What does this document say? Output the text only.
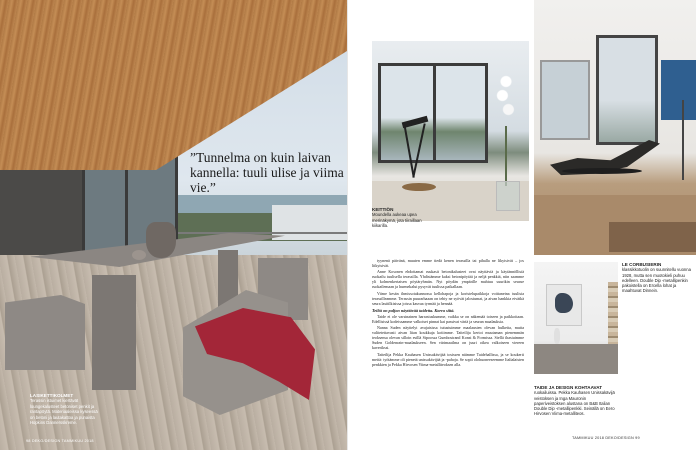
”Tunnelma on kuin laivan kannella: tuuli ulise ja viima vie.”
LASIKETTIKOLMET
Terassin istuimet kiertävät loungekalusteet betoniset penkit ja rantapöytä. Materiaaleissa kyseessä on betoni ja lautakattoa ja punaista Hopkins Dannersskreme.
98 DEKO/DESIGN TAMMIKUU 2018
KEITTIÖN
Moundella aukeaa upea merinäkymä, jota tiiraillaan kiikarilla.

tyynenä päivänä, muuten emme tiedä kenen terassilla tai pihalla ne likyisivät – jos liikyisivät.

Anne Kosonen ehdottamat ruukasit betonikalusteet ovat näyttäviä ja käytännöllisiä ruokailu tuulisella terassilla. Yhdistämme kaksi betonipöytää ja neljä penkkiä, niin saamme yli kolmenkertaisen pöytäryhmän. Nyt pöydän ympärille mahtuu suurikin seurue ruokailemaan ja hurmekalut pysyvät tuulissa paikallaan.

Viime kesän ihmissotakunnossa kellohapoja ja koristelupaikkoja voittaneina tuulisia terassilleamme. Terassin puurarhaaan on tehty ne syövät jalostumat, ja aivan hankkia eivätkä seura lasitilkisissa joissa kasvaa tyrmää ja hennää.

Teiltä on paljon näyttävää taidetta. Korra siitä.

Taide ei ole varsinainen harrastuskumme, vaikka se on näkemää toiseen ja paikkoitaan. Edellisissä kodeissamme valkoiset pinnat kai passivat väriä ja seuran maalauksia.

Nanna Suden näyttelyt avajaisissa tutustuimme maalausten olevan hulkeita, mutta valitetettavasti aivan liian koukkuja kotiimme. Taiteilija kertoi muutaman pienemmän teoksensa olevan silloin esillä Sipoossa Gumbostrand Konst & Formissa. Siellä ihastuimme Suden Goldenrain-maalaukseen. Sen värimaailma on juuri oikea valkoiseen viereen kaverikssi.

Taiteilija Pekka Kauhasen Unissakävijää tosissen näimme Taidehallissa, ja se koukerti meitä: työtämme oli pienetä unissakävijää ja -pahoja. Se sopii olohuoneeseemme Italialaisten penkkien ja Pekka Hirvosen Viima-metalliteoksen alla.

LE CORBUSIERIN
klassikkotuolin on suunnitellu vuonna 1928, mutta sen muotokieli puhuu edelleen. Double Dip -metallipenkin pakoistella on Ercella lohat ja maahtuvat Dinnein.
TAIDE JA DESIGN KOHTAAVAT
ruokailuissa. Pekka Kauhasen Unissakävijä veistoksen ja Inga Mauronin paperiveistoksen alustana on B&B Italian Double Dip -metallipenkki. Seinällä on Eero Hirvosen Viima-metalliteos.
TAMMIKUU 2018 DEKO/DESIGN 99
